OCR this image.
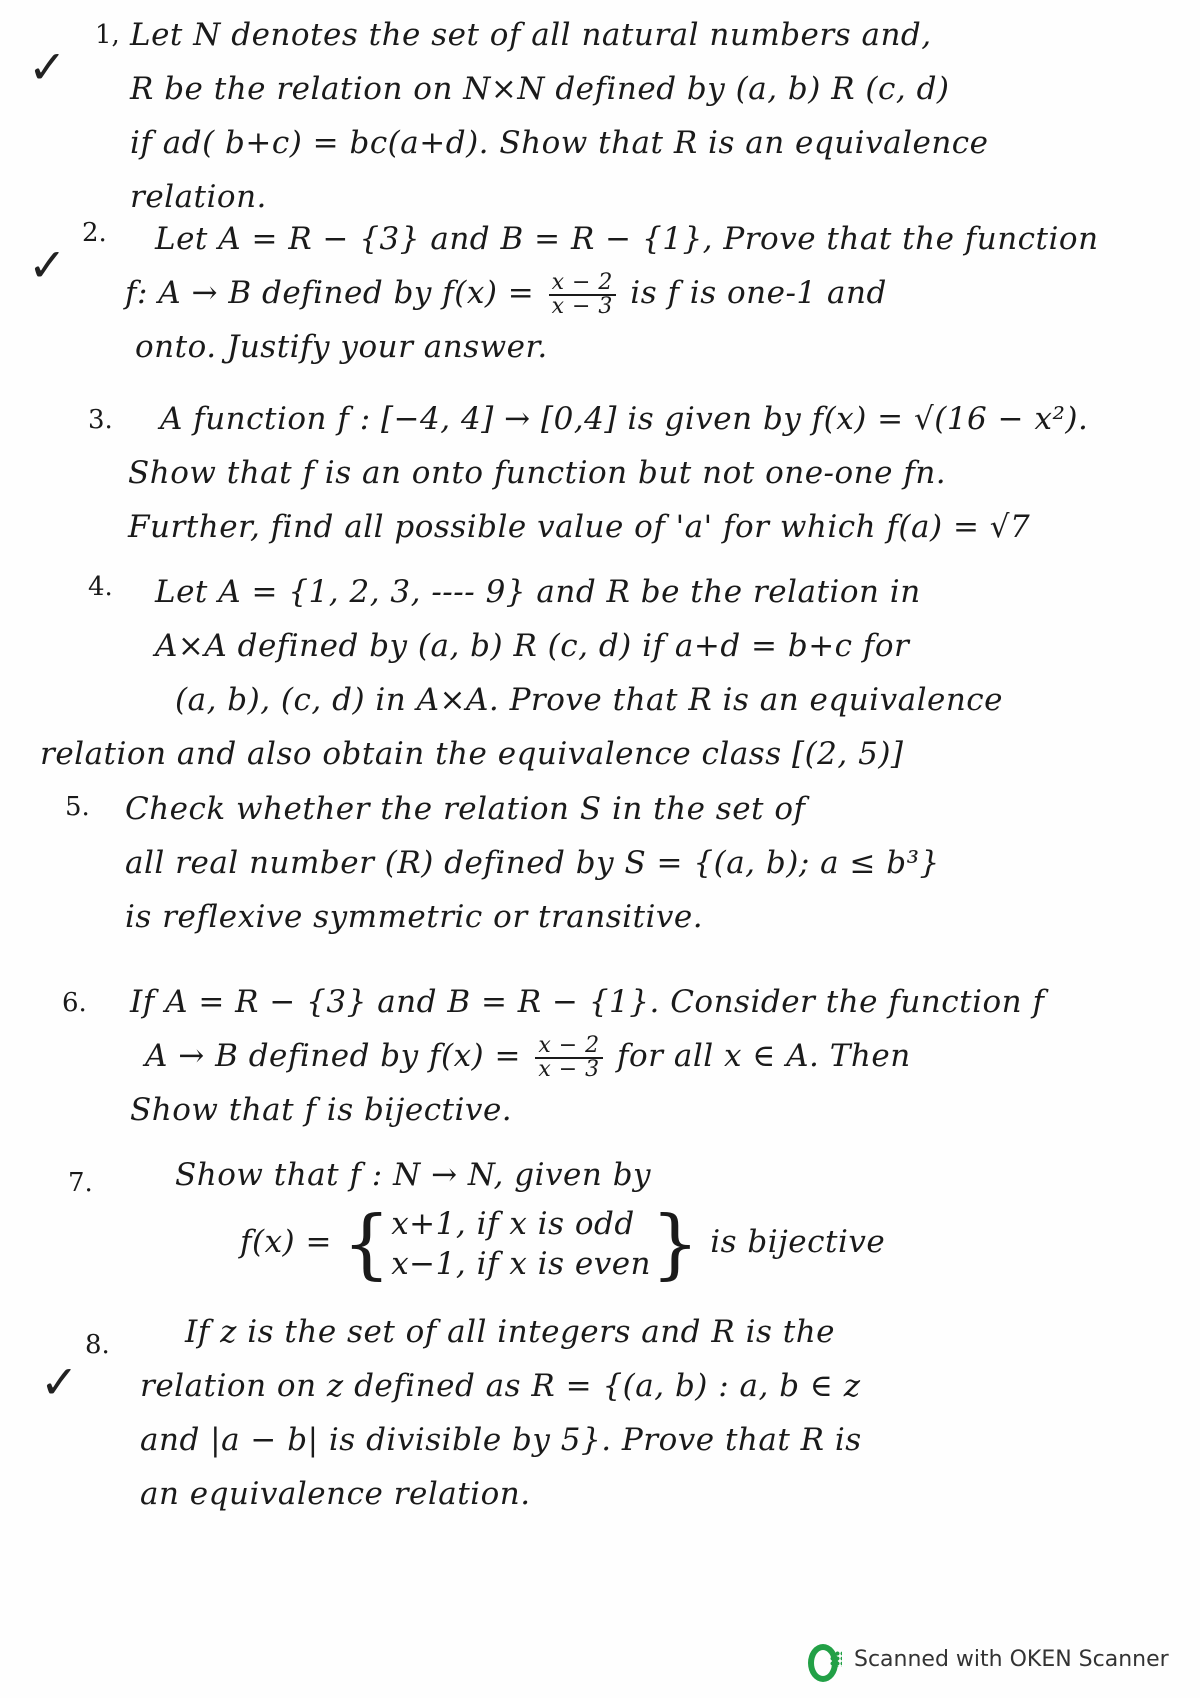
✓
1, Let N denotes the set of all natural numbers and,
R be the relation on N×N defined by (a, b) R (c, d)
if ad( b+c) = bc(a+d). Show that R is an equivalence
relation.
✓
2. Let A = R − {3} and B = R − {1}, Prove that the function
f: A → B defined by $f(x) = \frac{x - 2}{x - 3}$ is f is one-1 and
onto. Justify your answer.
3. A function f : [−4, 4] → [0,4] is given by f(x) = √(16 − x²).
Show that f is an onto function but not one-one fn.
Further, find all possible value of 'a' for which f(a) = √7
4. Let A = {1, 2, 3, ---- 9} and R be the relation in
A×A defined by (a, b) R (c, d) if a+d = b+c for
(a, b), (c, d) in A×A. Prove that R is an equivalence
relation and also obtain the equivalence class [(2, 5)]
5. Check whether the relation S in the set of
all real number (R) defined by S = {(a, b); a ≤ b³}
is reflexive symmetric or transitive.
6. If A = R − {3} and B = R − {1}. Consider the function f
A → B defined by $f(x) = \frac{x - 2}{x - 3}$ for all x ∈ A. Then
Show that f is bijective.
7.	Show that f : N → N, given by
f(x) = { x+1, if x is odd
x−1, if x is even } is bijective
✓
8. If z is the set of all integers and R is the
relation on z defined as R = {(a, b) : a, b ∈ z
and |a − b| is divisible by 5}. Prove that R is
an equivalence relation.
Scanned with OKEN Scanner
